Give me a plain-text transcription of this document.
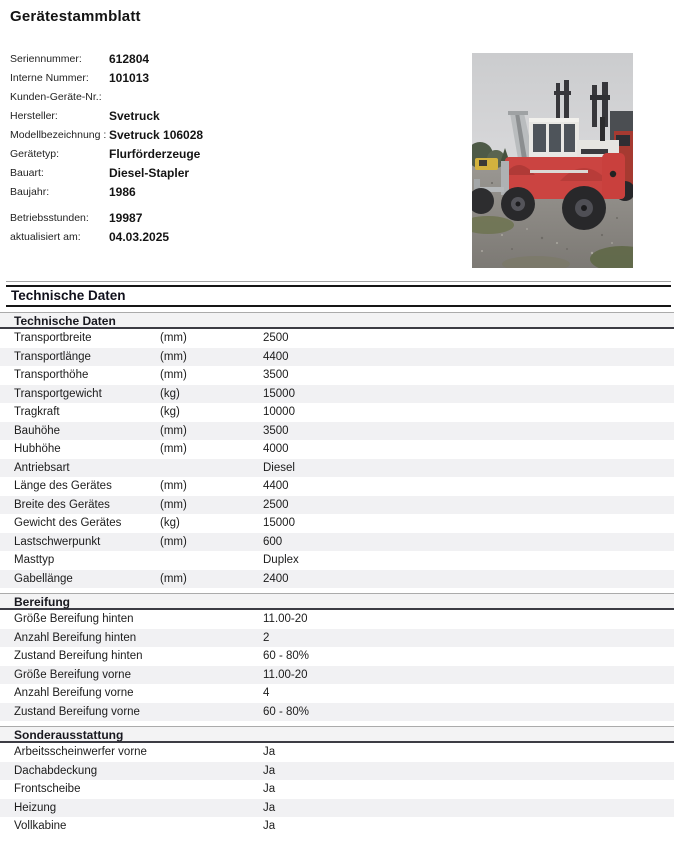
Gerätestammblatt
Seriennummer:	612804
Interne Nummer:	101013
Kunden-Geräte-Nr.:
Hersteller:	Svetruck
Modellbezeichnung : Svetruck 106028
Gerätetyp:	Flurförderzeuge
Bauart:	Diesel-Stapler
Baujahr:	1986
Betriebsstunden:	19987
aktualisiert am:	04.03.2025
Technische Daten
Technische Daten
Transportbreite	(mm)	2500
Transportlänge	(mm)	4400
Transporthöhe	(mm)	3500
Transportgewicht	(kg)	15000
Tragkraft	(kg)	10000
Bauhöhe	(mm)	3500
Hubhöhe	(mm)	4000
Antriebsart	Diesel
Länge des Gerätes	(mm)	4400
Breite des Gerätes	(mm)	2500
Gewicht des Gerätes	(kg)	15000
Lastschwerpunkt	(mm)	600
Masttyp	Duplex
Gabellänge	(mm)	2400
Bereifung
Größe Bereifung hinten	11.00-20
Anzahl Bereifung hinten	2
Zustand Bereifung hinten	60 - 80%
Größe Bereifung vorne	11.00-20
Anzahl Bereifung vorne	4
Zustand Bereifung vorne	60 - 80%
Sonderausstattung
Arbeitsscheinwerfer vorne	Ja
Dachabdeckung	Ja
Frontscheibe	Ja
Heizung	Ja
Vollkabine	Ja
